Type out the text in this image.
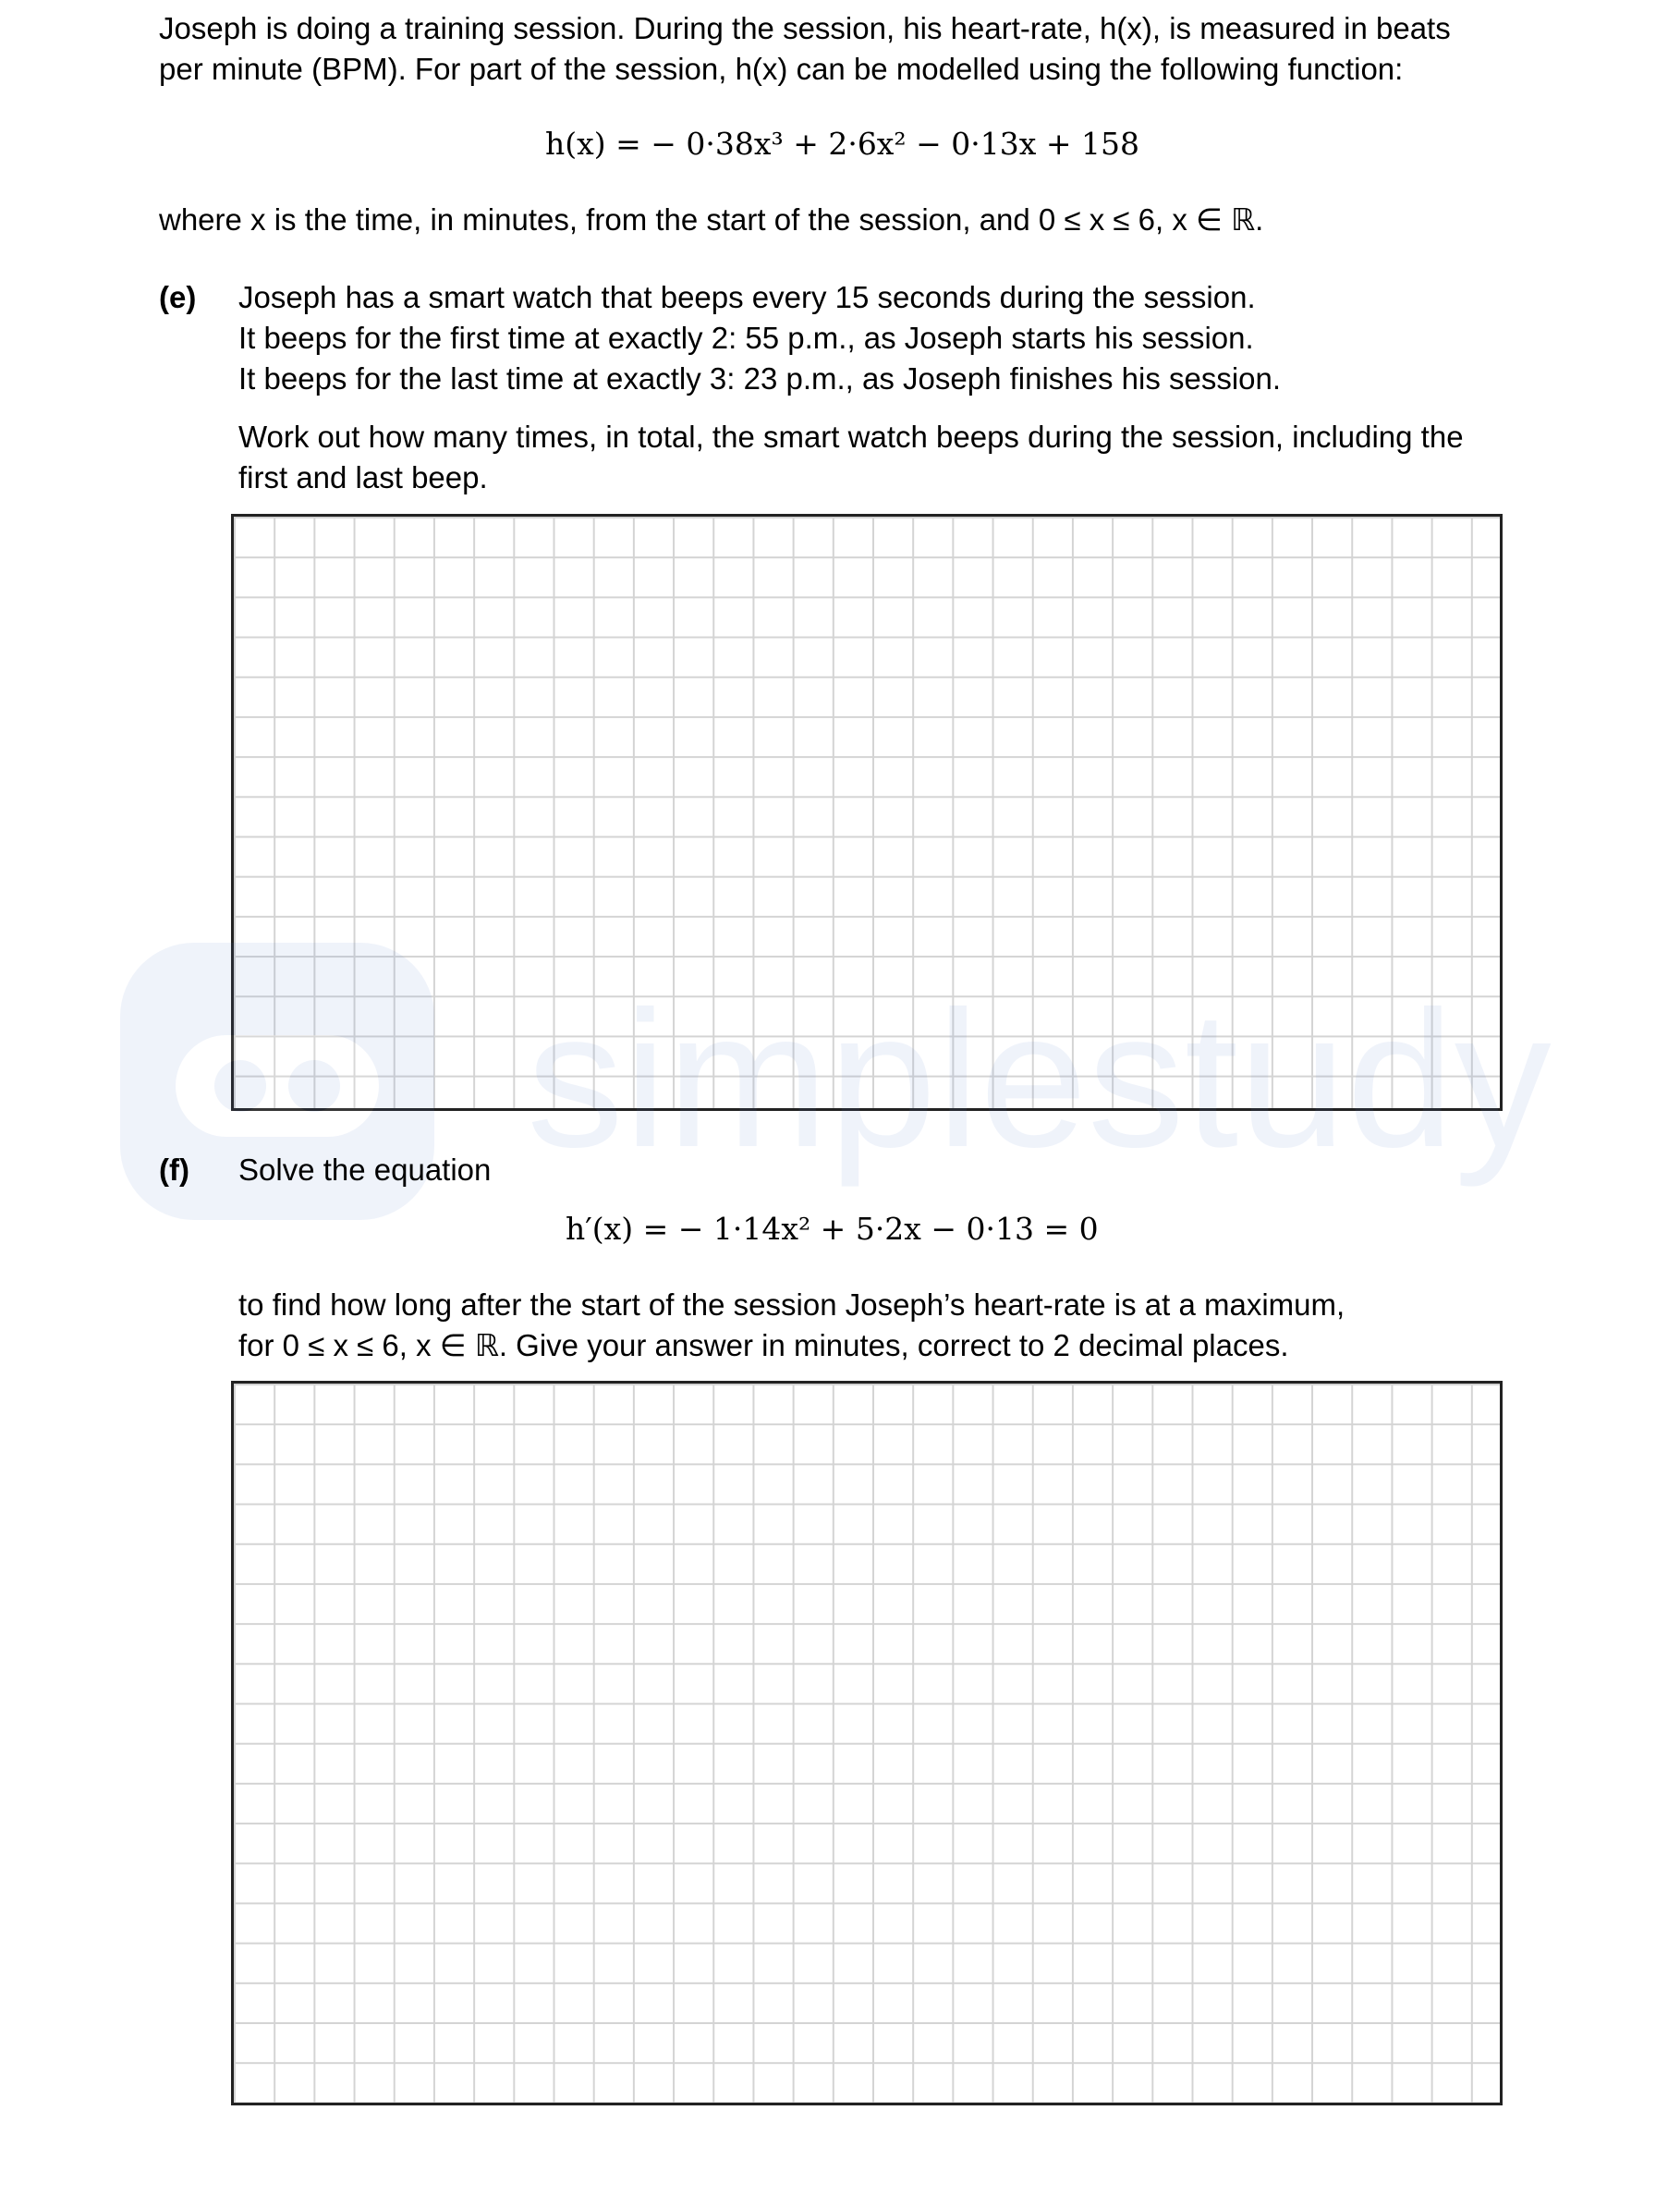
Joseph is doing a training session. During the session, his heart-rate, h(x), is measured in beats
per minute (BPM). For part of the session, h(x) can be modelled using the following function:
h(x) = − 0·38x³ + 2·6x² − 0·13x + 158
where x is the time, in minutes, from the start of the session, and 0 ≤ x ≤ 6, x ∈ ℝ.
(e) Joseph has a smart watch that beeps every 15 seconds during the session.
It beeps for the first time at exactly 2: 55 p.m., as Joseph starts his session.
It beeps for the last time at exactly 3: 23 p.m., as Joseph finishes his session.
Work out how many times, in total, the smart watch beeps during the session, including the
first and last beep.
(f) Solve the equation
h′(x) = − 1·14x² + 5·2x − 0·13 = 0
to find how long after the start of the session Joseph’s heart-rate is at a maximum,
for 0 ≤ x ≤ 6, x ∈ ℝ. Give your answer in minutes, correct to 2 decimal places.
